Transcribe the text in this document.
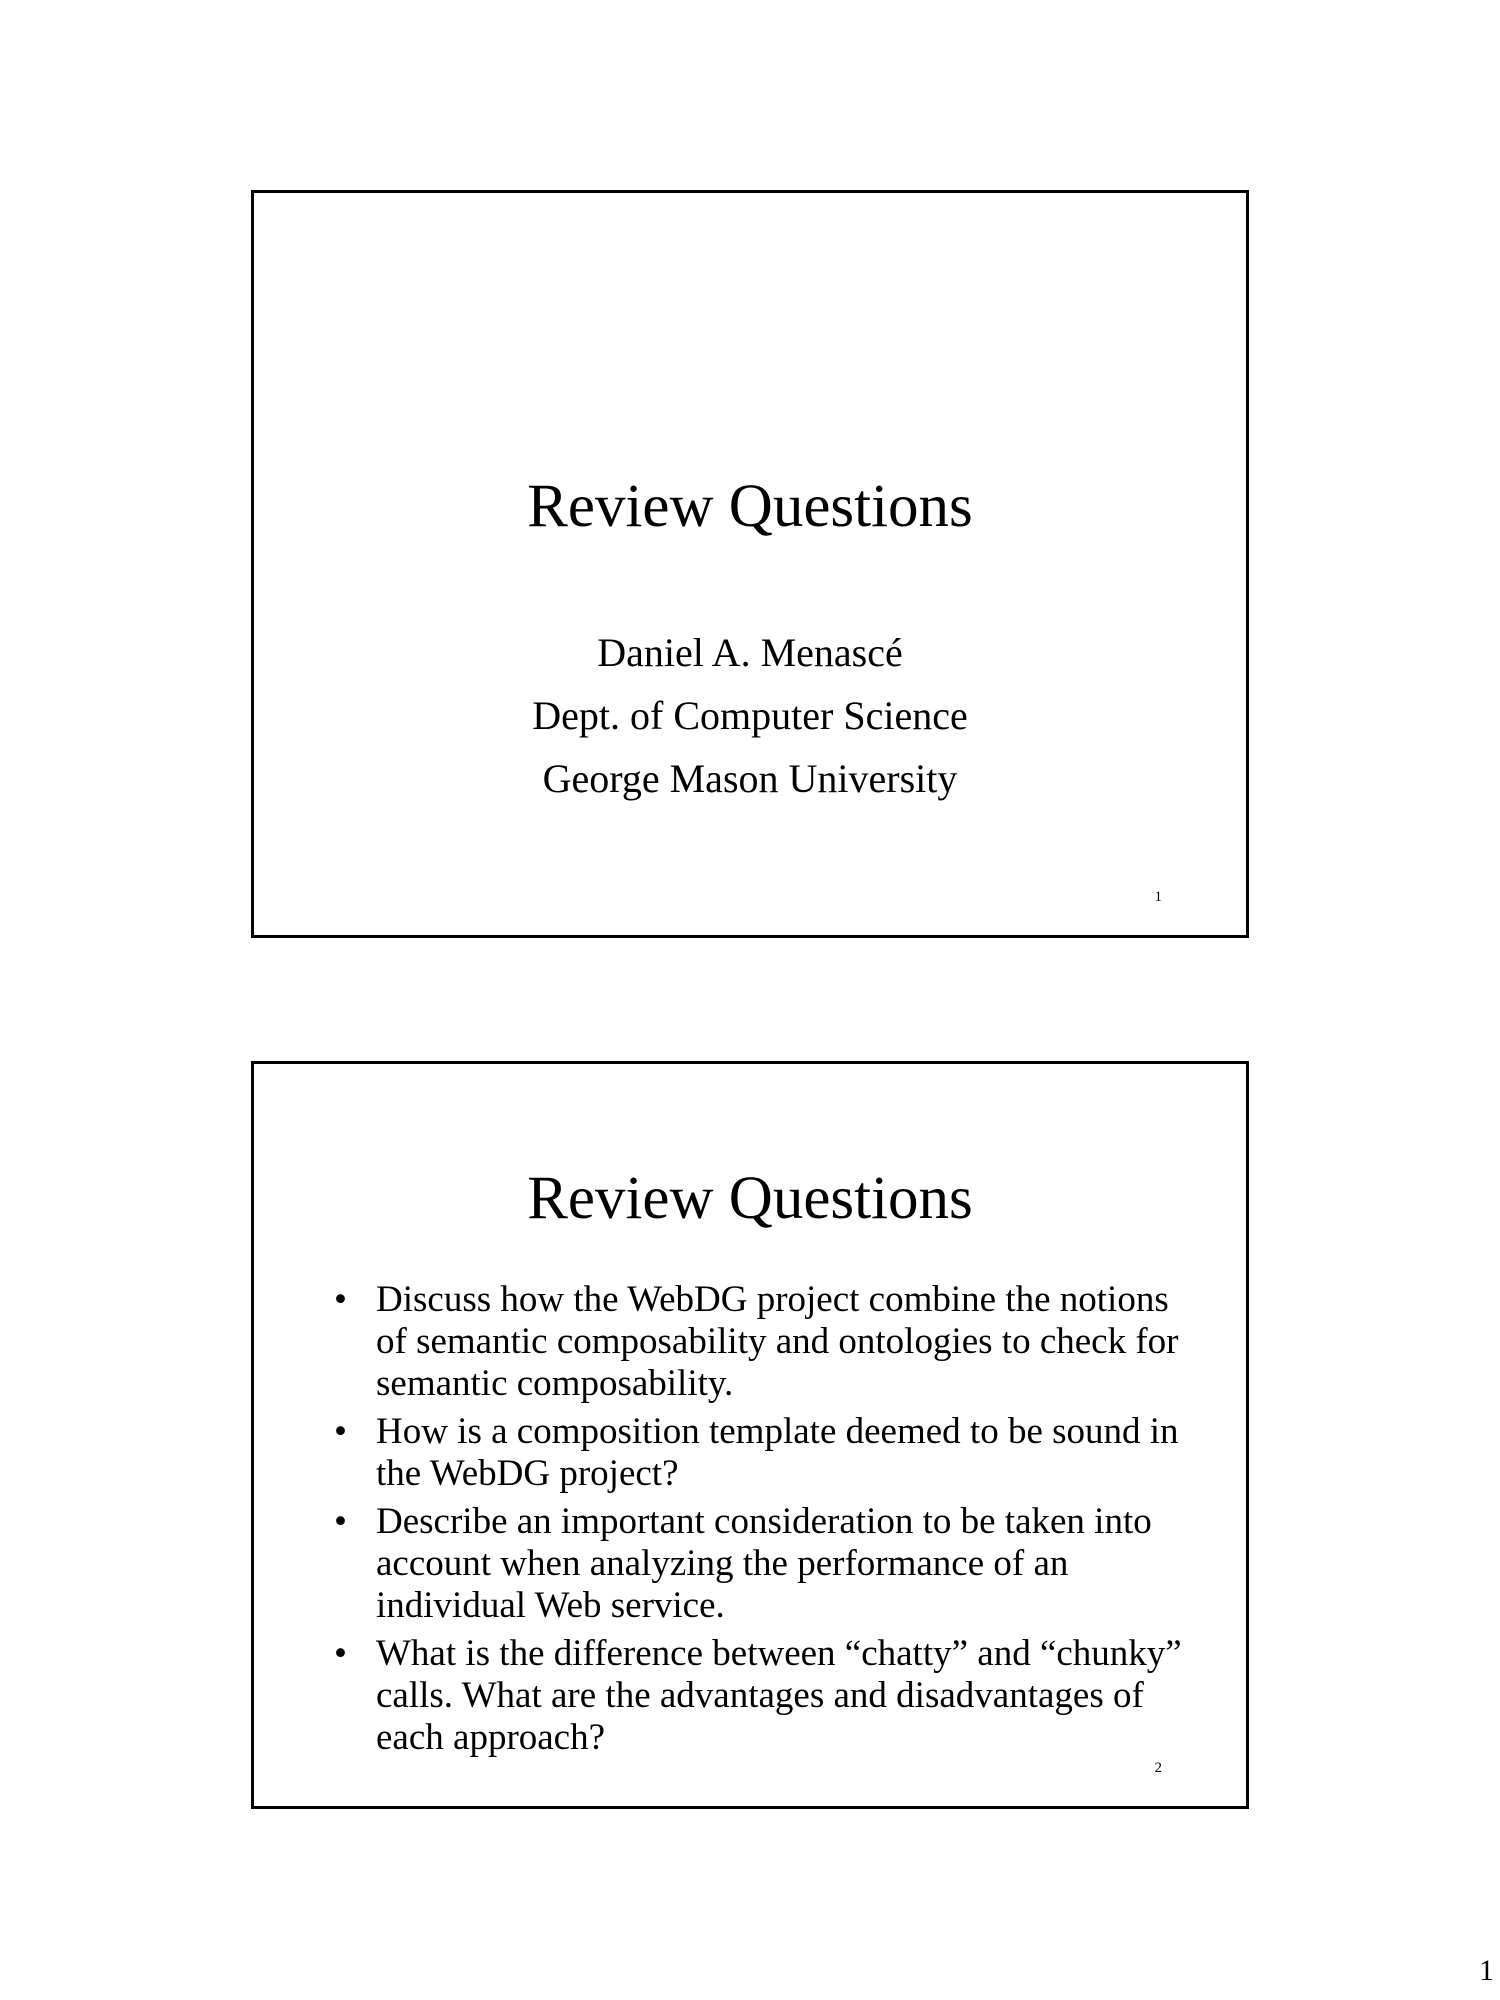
Review Questions
Daniel A. Menascé
Dept. of Computer Science
George Mason University
1
Review Questions
• Discuss how the WebDG project combine the notions of semantic composability and ontologies to check for semantic composability.
• How is a composition template deemed to be sound in the WebDG project?
• Describe an important consideration to be taken into account when analyzing the performance of an individual Web service.
• What is the difference between “chatty” and “chunky” calls. What are the advantages and disadvantages of each approach?
2
1
